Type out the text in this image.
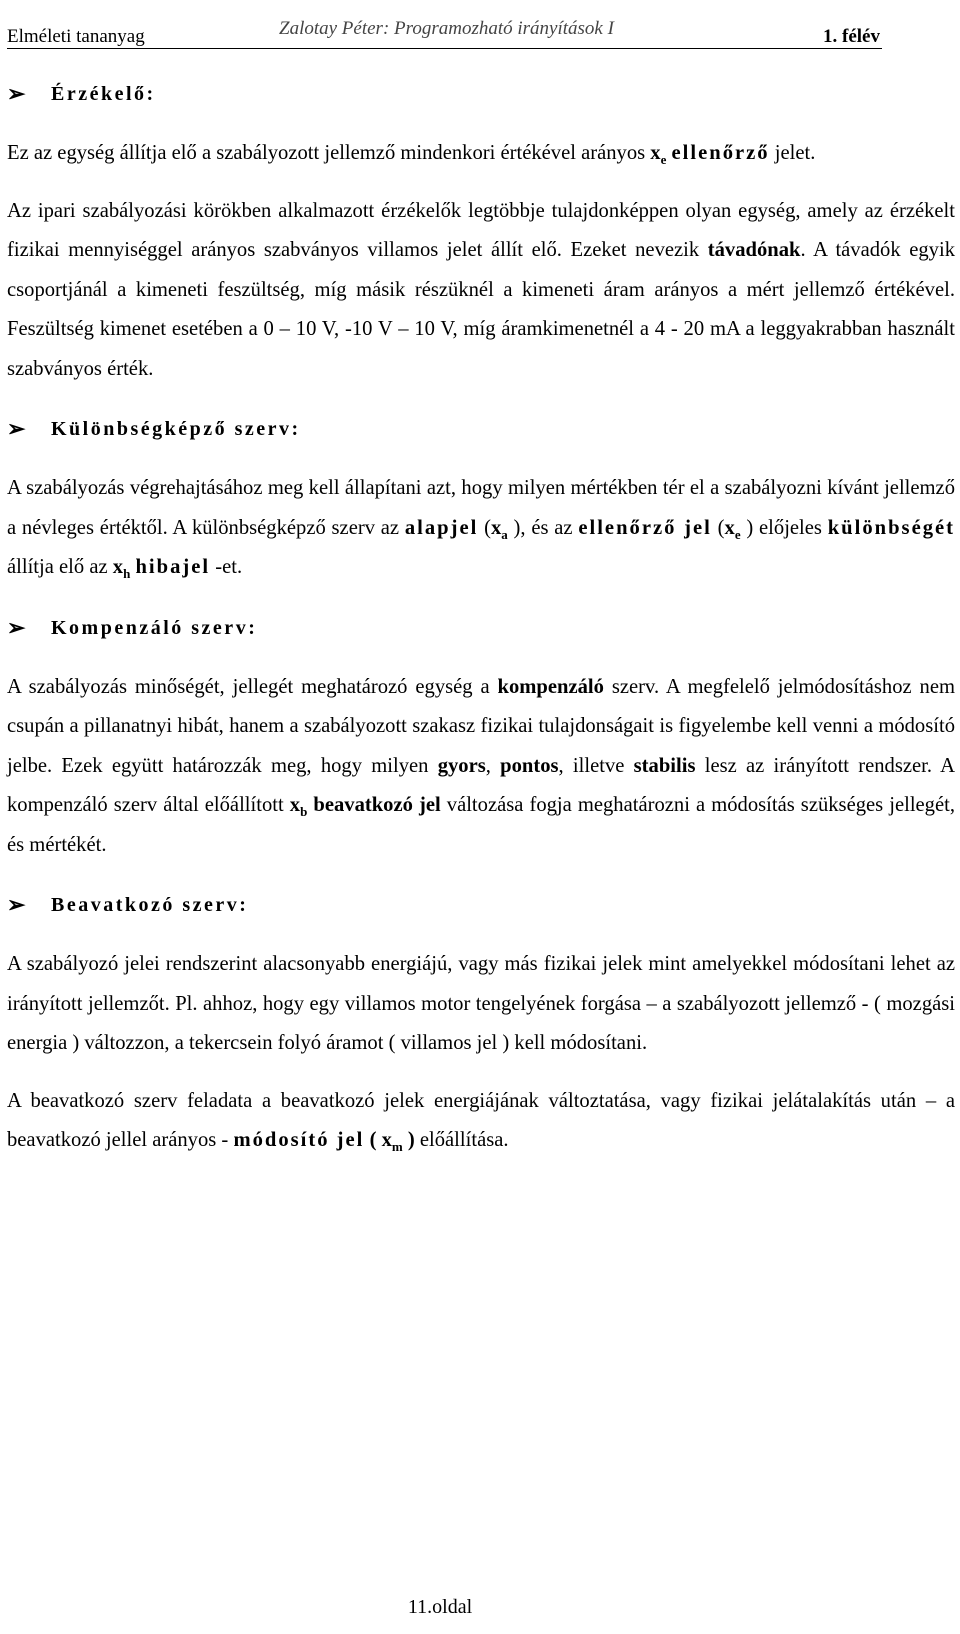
Elméleti tananyag	Zalotay Péter: Programozható irányítások I	1. félév
➢ Érzékelő:

Ez az egység állítja elő a szabályozott jellemző mindenkori értékével arányos $x_e$ ellenőrző jelet.

Az ipari szabályozási körökben alkalmazott érzékelők legtöbbje tulajdonképpen olyan egység, amely az érzékelt fizikai mennyiséggel arányos szabványos villamos jelet állít elő. Ezeket nevezik távadónak. A távadók egyik csoportjánál a kimeneti feszültség, míg másik részüknél a kimeneti áram arányos a mért jellemző értékével. Feszültség kimenet esetében a 0 – 10 V, -10 V – 10 V, míg áramkimenetnél a 4 - 20 mA a leggyakrabban használt szabványos érték.

➢ Különbségképző szerv:

A szabályozás végrehajtásához meg kell állapítani azt, hogy milyen mértékben tér el a szabályozni kívánt jellemző a névleges értéktől. A különbségképző szerv az alapjel ($x_a$ ), és az ellenőrző jel ($x_e$ ) előjeles különbségét állítja elő az $x_h$ hibajel -et.

➢ Kompenzáló szerv:

A szabályozás minőségét, jellegét meghatározó egység a kompenzáló szerv. A megfelelő jelmódosításhoz nem csupán a pillanatnyi hibát, hanem a szabályozott szakasz fizikai tulajdonságait is figyelembe kell venni a módosító jelbe. Ezek együtt határozzák meg, hogy milyen gyors, pontos, illetve stabilis lesz az irányított rendszer. A kompenzáló szerv által előállított $x_b$ beavatkozó jel változása fogja meghatározni a módosítás szükséges jellegét, és mértékét.

➢ Beavatkozó szerv:

A szabályozó jelei rendszerint alacsonyabb energiájú, vagy más fizikai jelek mint amelyekkel módosítani lehet az irányított jellemzőt. Pl. ahhoz, hogy egy villamos motor tengelyének forgása – a szabályozott jellemző - ( mozgási energia ) változzon, a tekercsein folyó áramot ( villamos jel ) kell módosítani.

A beavatkozó szerv feladata a beavatkozó jelek energiájának változtatása, vagy fizikai jelátalakítás után – a beavatkozó jellel arányos - módosító jel ( $x_m$ ) előállítása.

11.oldal
